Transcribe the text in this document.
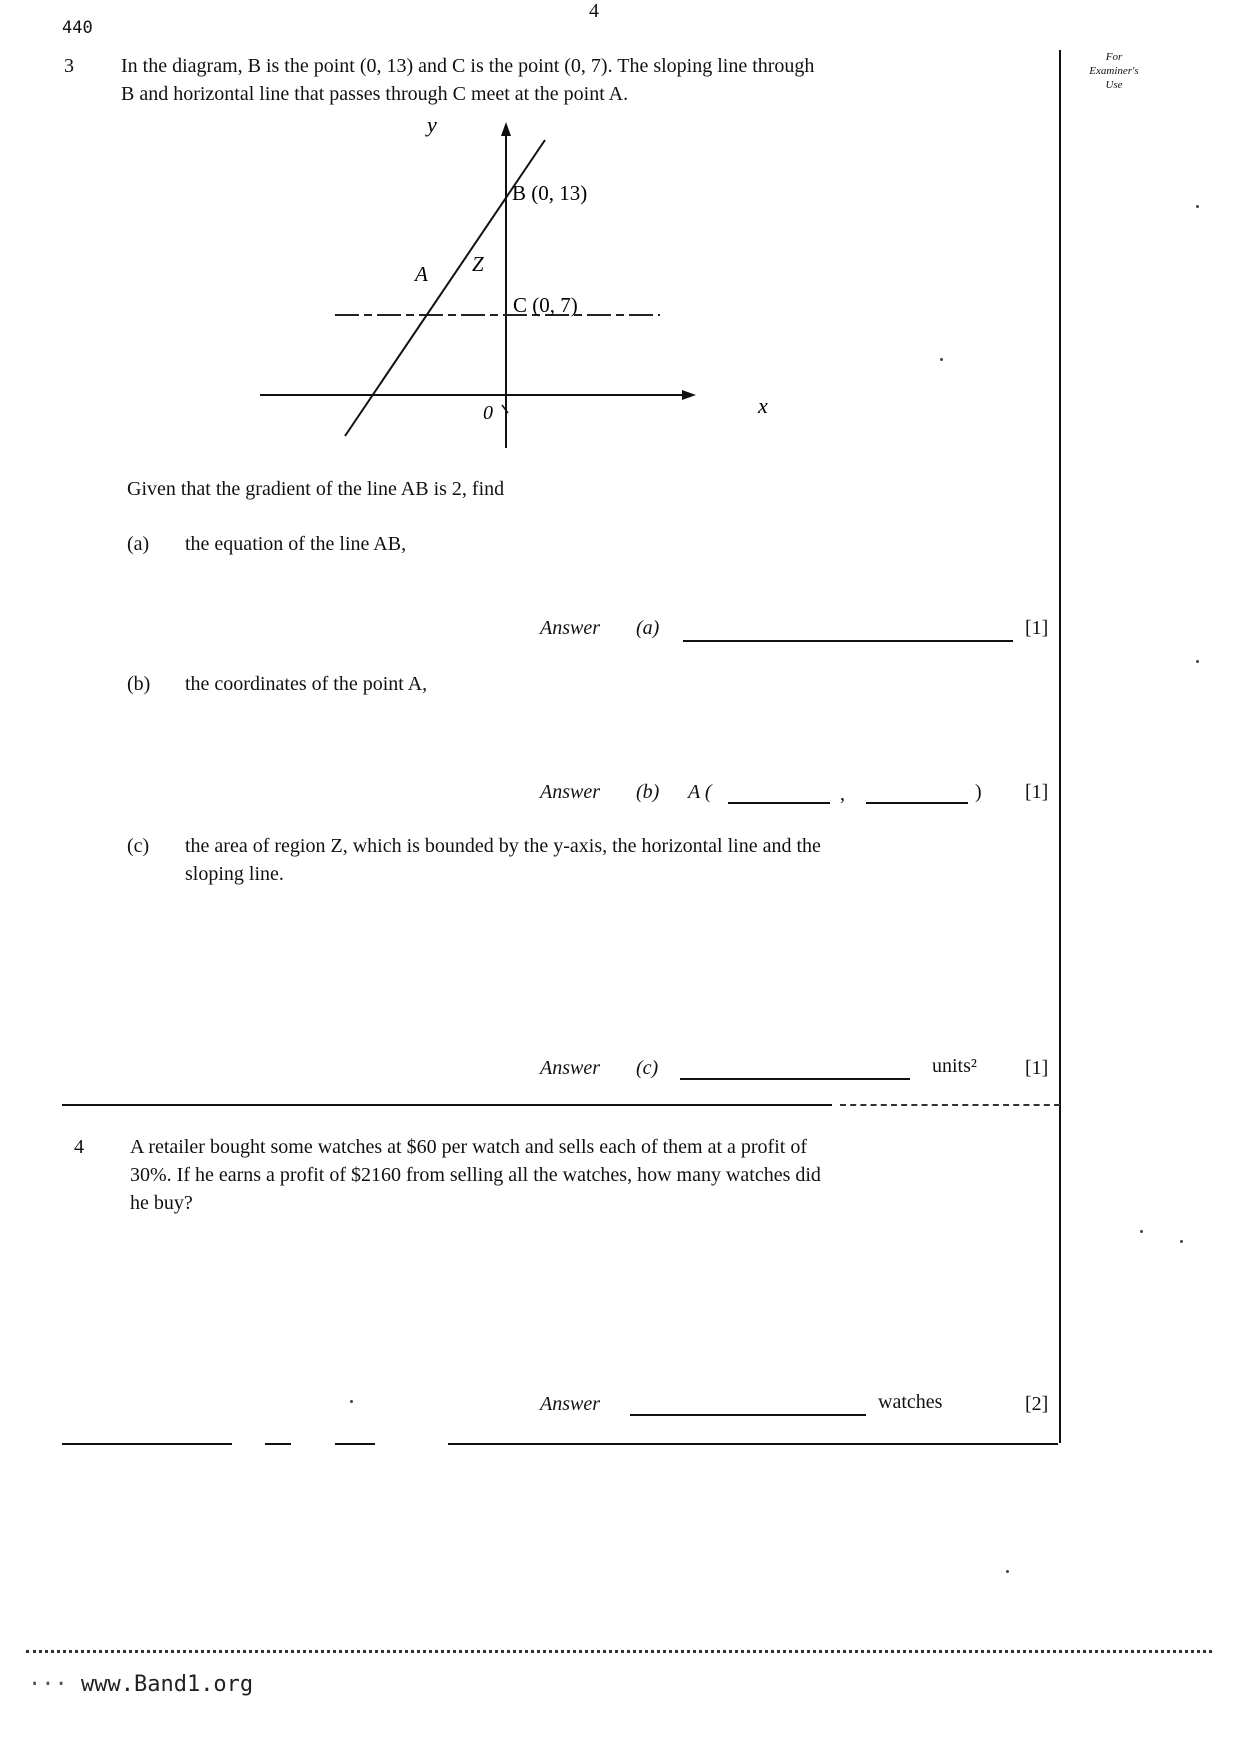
440
4
For
Examiner's
Use
3 In the diagram, B is the point (0, 13) and C is the point (0, 7). The sloping line through
B and horizontal line that passes through C meet at the point A.
y
x
0
B (0, 13)
C (0, 7)
A Z
Given that the gradient of the line AB is 2, find
(a) the equation of the line AB,
Answer (a)	[1]
(b) the coordinates of the point A,
Answer (b) A (	,	) [1]
(c) the area of region Z, which is bounded by the y-axis, the horizontal line and the
sloping line.
Answer (c)	units² [1]
4 A retailer bought some watches at $60 per watch and sells each of them at a profit of
30%. If he earns a profit of $2160 from selling all the watches, how many watches did
he buy?
Answer	watches	[2]
··· www.Band1.org
